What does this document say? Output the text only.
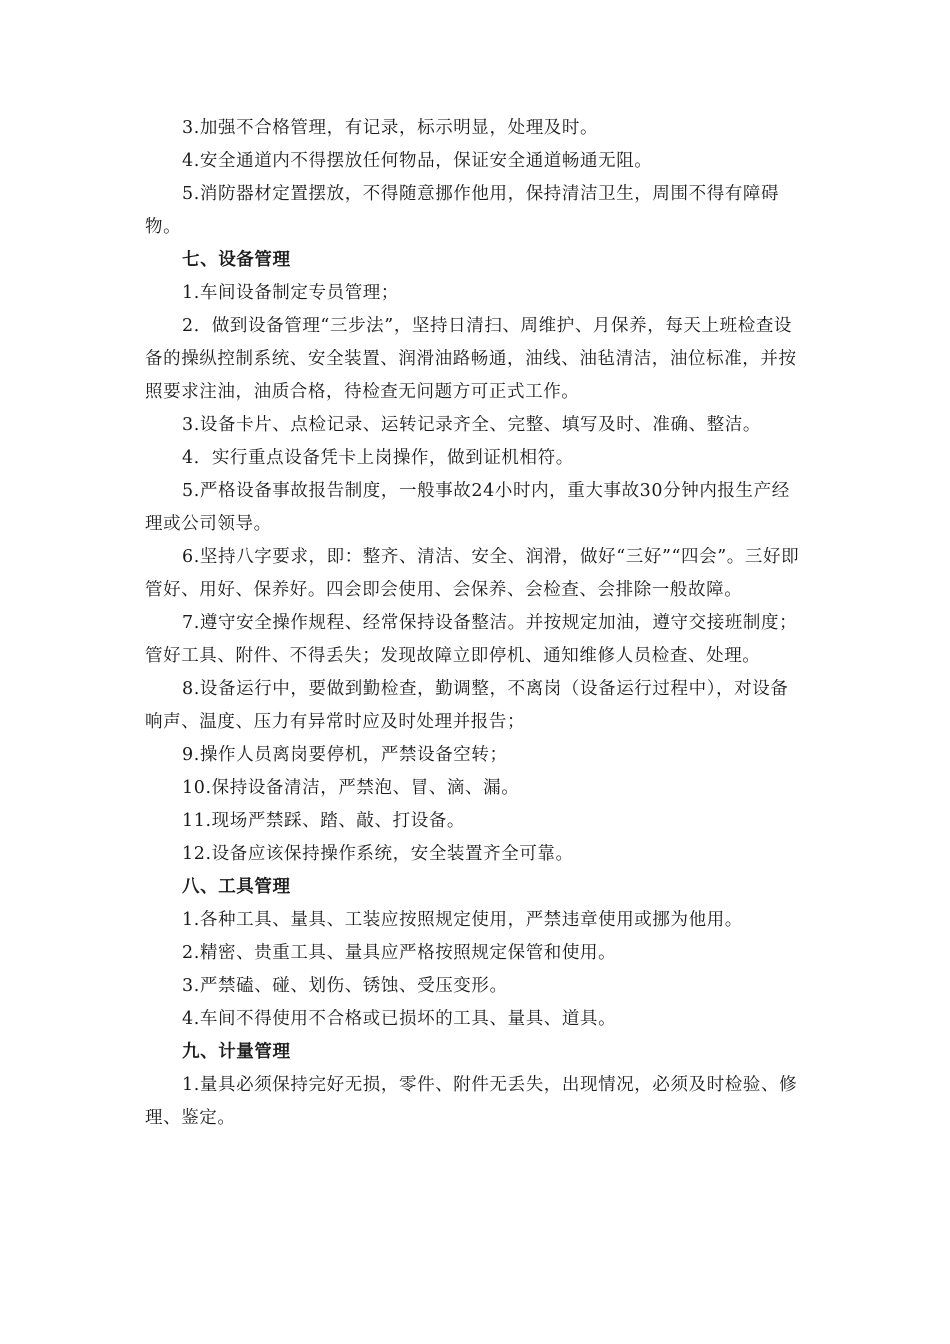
3.加强不合格管理，有记录，标示明显，处理及时。

4.安全通道内不得摆放任何物品，保证安全通道畅通无阻。

5.消防器材定置摆放，不得随意挪作他用，保持清洁卫生，周围不得有障碍物。

七、设备管理

1.车间设备制定专员管理；

2．做到设备管理“三步法”，坚持日清扫、周维护、月保养，每天上班检查设备的操纵控制系统、安全装置、润滑油路畅通，油线、油毡清洁，油位标准，并按照要求注油，油质合格，待检查无问题方可正式工作。

3.设备卡片、点检记录、运转记录齐全、完整、填写及时、准确、整洁。

4．实行重点设备凭卡上岗操作，做到证机相符。

5.严格设备事故报告制度，一般事故24小时内，重大事故30分钟内报生产经理或公司领导。

6.坚持八字要求，即：整齐、清洁、安全、润滑，做好“三好”“四会”。三好即管好、用好、保养好。四会即会使用、会保养、会检查、会排除一般故障。

7.遵守安全操作规程、经常保持设备整洁。并按规定加油，遵守交接班制度；管好工具、附件、不得丢失；发现故障立即停机、通知维修人员检查、处理。

8.设备运行中，要做到勤检查，勤调整，不离岗（设备运行过程中），对设备响声、温度、压力有异常时应及时处理并报告；

9.操作人员离岗要停机，严禁设备空转；

10.保持设备清洁，严禁泡、冒、滴、漏。

11.现场严禁踩、踏、敲、打设备。

12.设备应该保持操作系统，安全装置齐全可靠。

八、工具管理

1.各种工具、量具、工装应按照规定使用，严禁违章使用或挪为他用。

2.精密、贵重工具、量具应严格按照规定保管和使用。

3.严禁磕、碰、划伤、锈蚀、受压变形。

4.车间不得使用不合格或已损坏的工具、量具、道具。

九、计量管理

1.量具必须保持完好无损，零件、附件无丢失，出现情况，必须及时检验、修理、鉴定。
